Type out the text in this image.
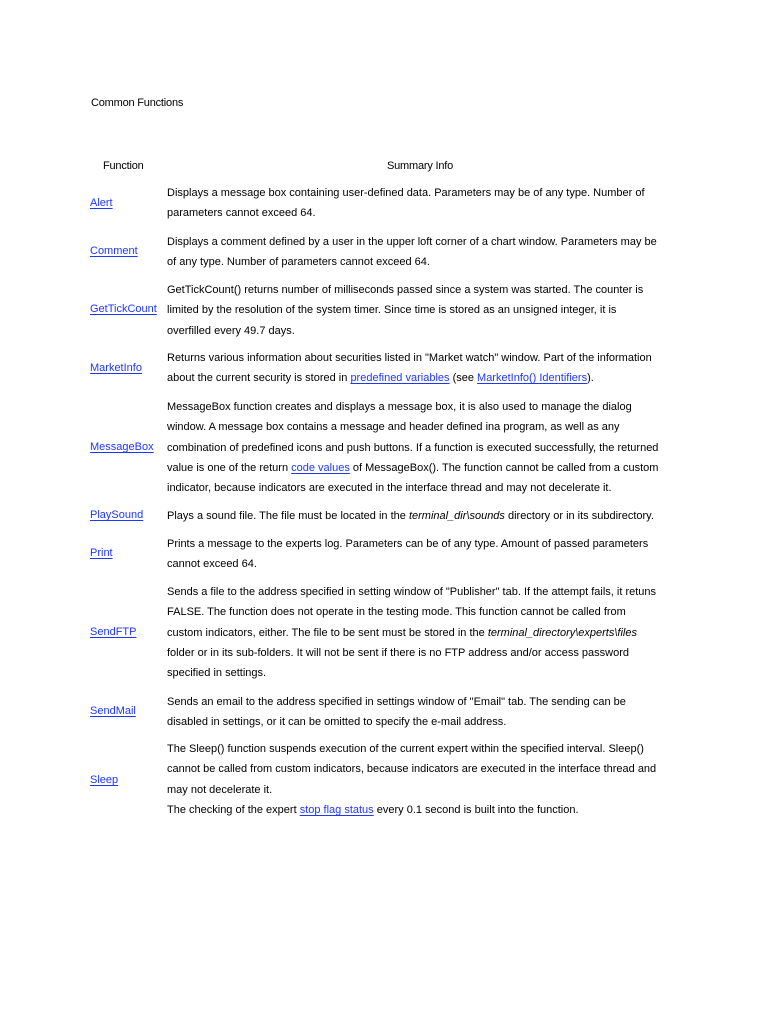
Common Functions
Function	Summary Info
Alert
Displays a message box containing user-defined data. Parameters may be of any type. Number of
parameters cannot exceed 64.
Comment
Displays a comment defined by a user in the upper loft corner of a chart window. Parameters may be
of any type. Number of parameters cannot exceed 64.
GetTickCount
GetTickCount() returns number of milliseconds passed since a system was started. The counter is
limited by the resolution of the system timer. Since time is stored as an unsigned integer, it is
overfilled every 49.7 days.
MarketInfo
Returns various information about securities listed in "Market watch" window. Part of the information
about the current security is stored in predefined variables (see MarketInfo() Identifiers).
MessageBox
MessageBox function creates and displays a message box, it is also used to manage the dialog
window. A message box contains a message and header defined ina program, as well as any
combination of predefined icons and push buttons. If a function is executed successfully, the returned
value is one of the return code values of MessageBox(). The function cannot be called from a custom
indicator, because indicators are executed in the interface thread and may not decelerate it.
PlaySound Plays a sound file. The file must be located in the terminal_dir\sounds directory or in its subdirectory.
Print
Prints a message to the experts log. Parameters can be of any type. Amount of passed parameters
cannot exceed 64.
SendFTP
Sends a file to the address specified in setting window of "Publisher" tab. If the attempt fails, it retuns
FALSE. The function does not operate in the testing mode. This function cannot be called from
custom indicators, either. The file to be sent must be stored in the terminal_directory\experts\files
folder or in its sub-folders. It will not be sent if there is no FTP address and/or access password
specified in settings.
SendMail
Sends an email to the address specified in settings window of "Email" tab. The sending can be
disabled in settings, or it can be omitted to specify the e-mail address.
Sleep
The Sleep() function suspends execution of the current expert within the specified interval. Sleep()
cannot be called from custom indicators, because indicators are executed in the interface thread and
may not decelerate it.
The checking of the expert stop flag status every 0.1 second is built into the function.
